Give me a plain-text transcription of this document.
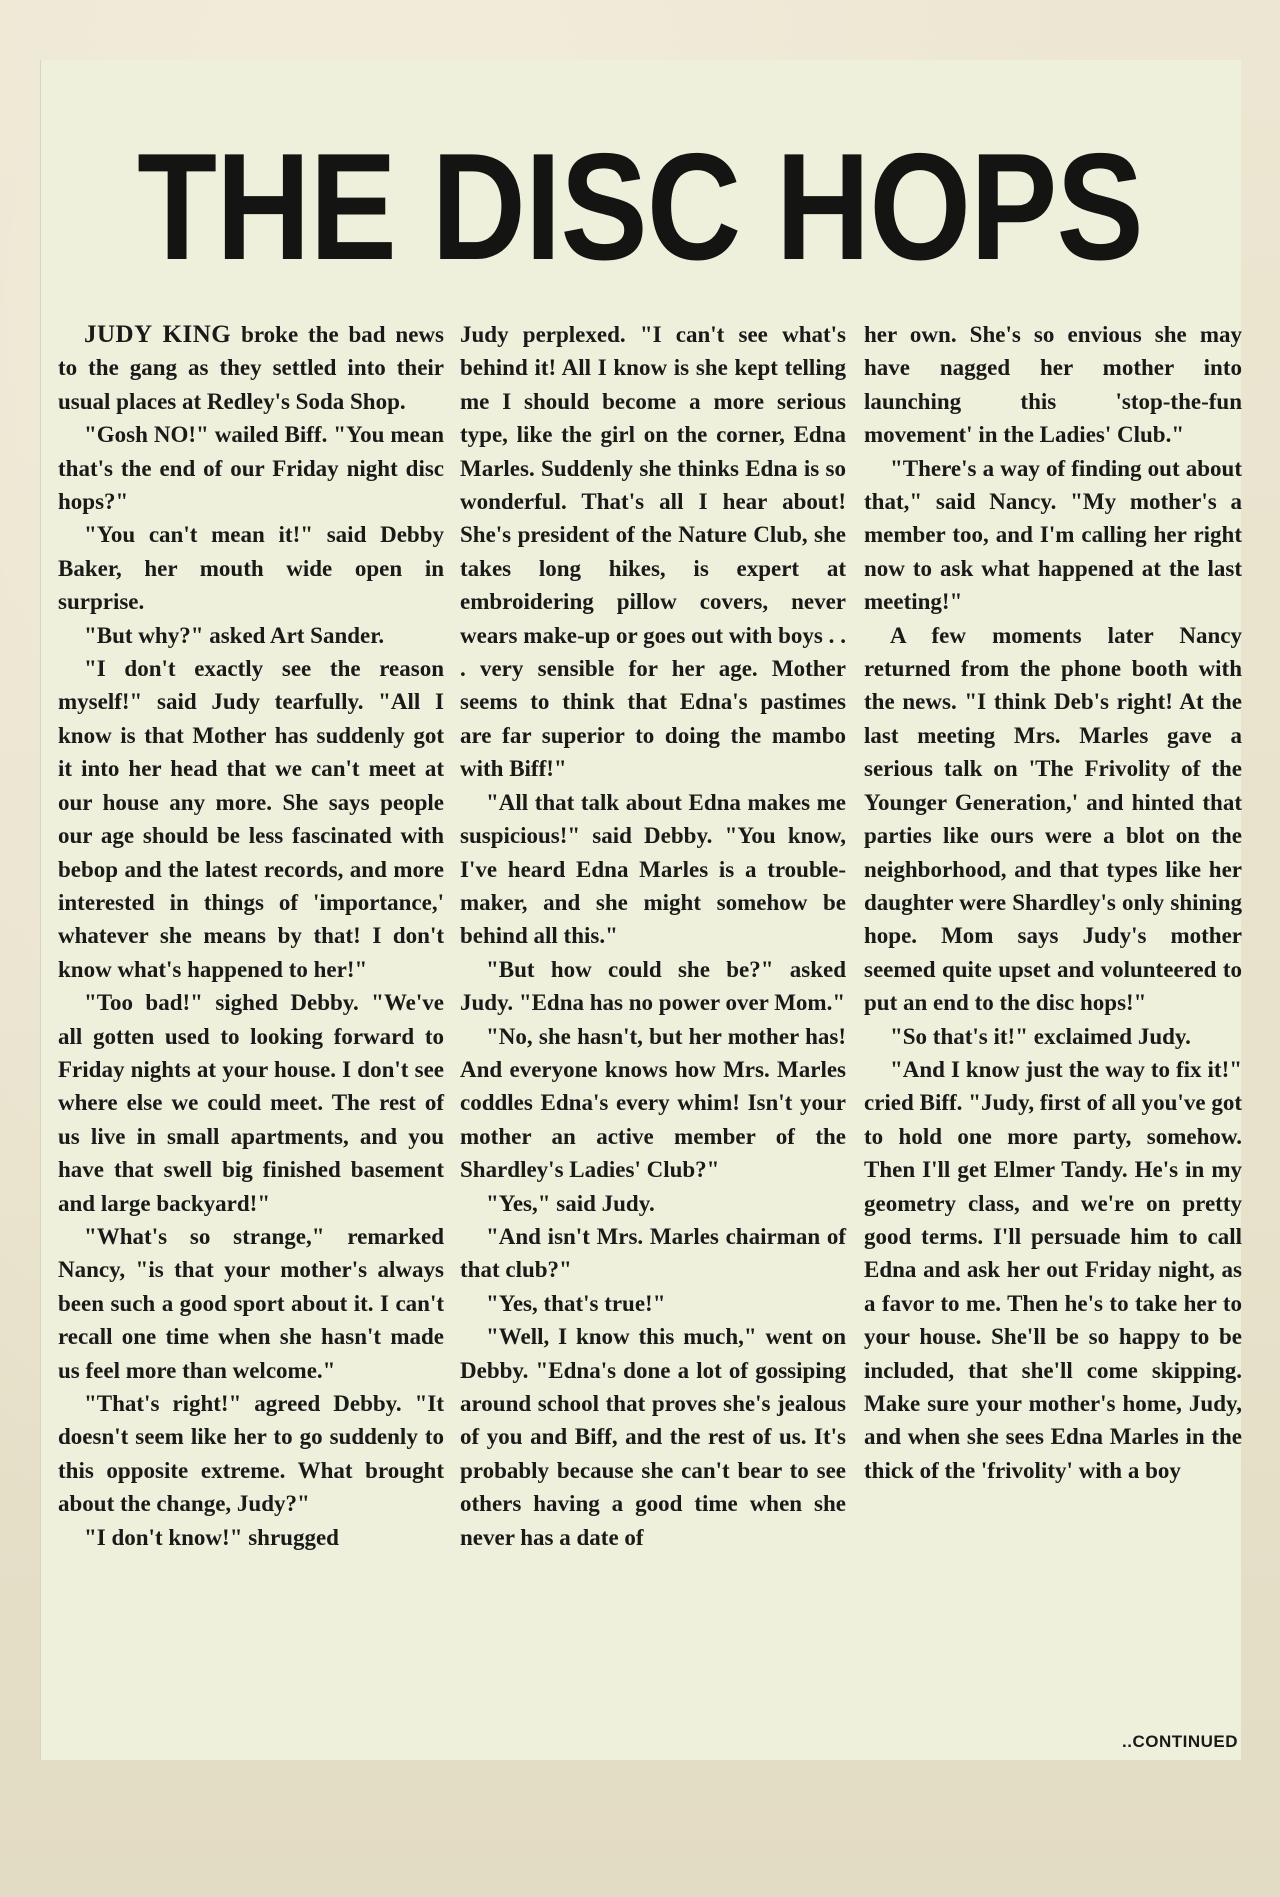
THE DISC HOPS

JUDY KING broke the bad news to the gang as they settled into their usual places at Redley's Soda Shop.

"Gosh NO!" wailed Biff. "You mean that's the end of our Friday night disc hops?"

"You can't mean it!" said Debby Baker, her mouth wide open in surprise.

"But why?" asked Art Sander.

"I don't exactly see the reason myself!" said Judy tearfully. "All I know is that Mother has suddenly got it into her head that we can't meet at our house any more. She says people our age should be less fascinated with bebop and the latest records, and more interested in things of 'importance,' whatever she means by that! I don't know what's happened to her!"

"Too bad!" sighed Debby. "We've all gotten used to looking forward to Friday nights at your house. I don't see where else we could meet. The rest of us live in small apartments, and you have that swell big finished basement and large backyard!"

"What's so strange," remarked Nancy, "is that your mother's always been such a good sport about it. I can't recall one time when she hasn't made us feel more than welcome."

"That's right!" agreed Debby. "It doesn't seem like her to go suddenly to this opposite extreme. What brought about the change, Judy?"

"I don't know!" shrugged

Judy perplexed. "I can't see what's behind it! All I know is she kept telling me I should become a more serious type, like the girl on the corner, Edna Marles. Suddenly she thinks Edna is so wonderful. That's all I hear about! She's president of the Nature Club, she takes long hikes, is expert at embroidering pillow covers, never wears make-up or goes out with boys . . . very sensible for her age. Mother seems to think that Edna's pastimes are far superior to doing the mambo with Biff!"

"All that talk about Edna makes me suspicious!" said Debby. "You know, I've heard Edna Marles is a trouble-maker, and she might somehow be behind all this."

"But how could she be?" asked Judy. "Edna has no power over Mom."

"No, she hasn't, but her mother has! And everyone knows how Mrs. Marles coddles Edna's every whim! Isn't your mother an active member of the Shardley's Ladies' Club?"

"Yes," said Judy.

"And isn't Mrs. Marles chairman of that club?"

"Yes, that's true!"

"Well, I know this much," went on Debby. "Edna's done a lot of gossiping around school that proves she's jealous of you and Biff, and the rest of us. It's probably because she can't bear to see others having a good time when she never has a date of

her own. She's so envious she may have nagged her mother into launching this 'stop-the-fun movement' in the Ladies' Club."

"There's a way of finding out about that," said Nancy. "My mother's a member too, and I'm calling her right now to ask what happened at the last meeting!"

A few moments later Nancy returned from the phone booth with the news. "I think Deb's right! At the last meeting Mrs. Marles gave a serious talk on 'The Frivolity of the Younger Generation,' and hinted that parties like ours were a blot on the neighborhood, and that types like her daughter were Shardley's only shining hope. Mom says Judy's mother seemed quite upset and volunteered to put an end to the disc hops!"

"So that's it!" exclaimed Judy.

"And I know just the way to fix it!" cried Biff. "Judy, first of all you've got to hold one more party, somehow. Then I'll get Elmer Tandy. He's in my geometry class, and we're on pretty good terms. I'll persuade him to call Edna and ask her out Friday night, as a favor to me. Then he's to take her to your house. She'll be so happy to be included, that she'll come skipping. Make sure your mother's home, Judy, and when she sees Edna Marles in the thick of the 'frivolity' with a boy

..CONTINUED
